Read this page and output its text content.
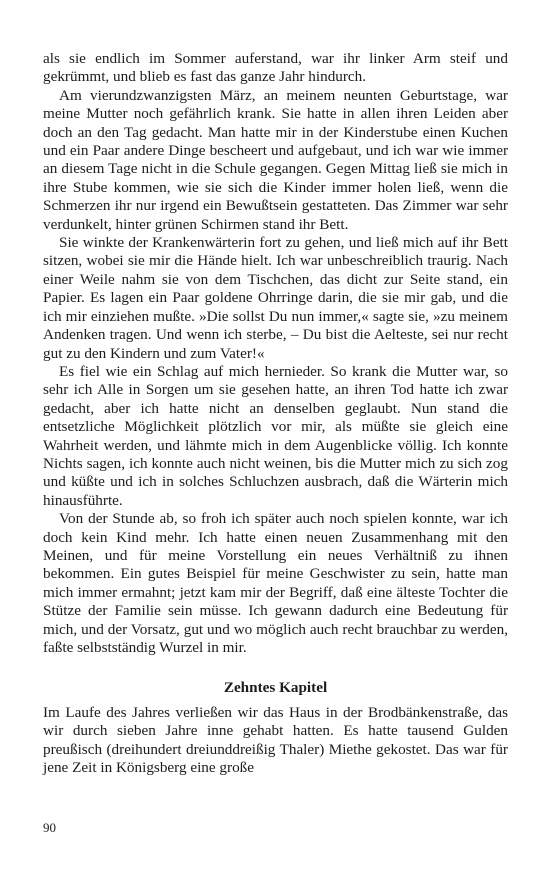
als sie endlich im Sommer auferstand, war ihr linker Arm steif und gekrümmt, und blieb es fast das ganze Jahr hindurch.

Am vierundzwanzigsten März, an meinem neunten Geburtstage, war meine Mutter noch gefährlich krank. Sie hatte in allen ihren Leiden aber doch an den Tag gedacht. Man hatte mir in der Kinderstube einen Kuchen und ein Paar andere Dinge bescheert und aufgebaut, und ich war wie immer an diesem Tage nicht in die Schule gegangen. Gegen Mittag ließ sie mich in ihre Stube kommen, wie sie sich die Kinder immer holen ließ, wenn die Schmerzen ihr nur irgend ein Bewußtsein gestatteten. Das Zimmer war sehr verdunkelt, hinter grünen Schirmen stand ihr Bett.

Sie winkte der Krankenwärterin fort zu gehen, und ließ mich auf ihr Bett sitzen, wobei sie mir die Hände hielt. Ich war unbeschreiblich traurig. Nach einer Weile nahm sie von dem Tischchen, das dicht zur Seite stand, ein Papier. Es lagen ein Paar goldene Ohrringe darin, die sie mir gab, und die ich mir einziehen mußte. »Die sollst Du nun immer,« sagte sie, »zu meinem Andenken tragen. Und wenn ich sterbe, – Du bist die Aelteste, sei nur recht gut zu den Kindern und zum Vater!«

Es fiel wie ein Schlag auf mich hernieder. So krank die Mutter war, so sehr ich Alle in Sorgen um sie gesehen hatte, an ihren Tod hatte ich zwar gedacht, aber ich hatte nicht an denselben geglaubt. Nun stand die entsetzliche Möglichkeit plötzlich vor mir, als müßte sie gleich eine Wahrheit werden, und lähmte mich in dem Augenblicke völlig. Ich konnte Nichts sagen, ich konnte auch nicht weinen, bis die Mutter mich zu sich zog und küßte und ich in solches Schluchzen ausbrach, daß die Wärterin mich hinausführte.

Von der Stunde ab, so froh ich später auch noch spielen konnte, war ich doch kein Kind mehr. Ich hatte einen neuen Zusammenhang mit den Meinen, und für meine Vorstellung ein neues Verhältniß zu ihnen bekommen. Ein gutes Beispiel für meine Geschwister zu sein, hatte man mich immer ermahnt; jetzt kam mir der Begriff, daß eine älteste Tochter die Stütze der Familie sein müsse. Ich gewann dadurch eine Bedeutung für mich, und der Vorsatz, gut und wo möglich auch recht brauchbar zu werden, faßte selbstständig Wurzel in mir.

Zehntes Kapitel

Im Laufe des Jahres verließen wir das Haus in der Brodbänkenstraße, das wir durch sieben Jahre inne gehabt hatten. Es hatte tausend Gulden preußisch (dreihundert dreiunddreißig Thaler) Miethe gekostet. Das war für jene Zeit in Königsberg eine große

90
